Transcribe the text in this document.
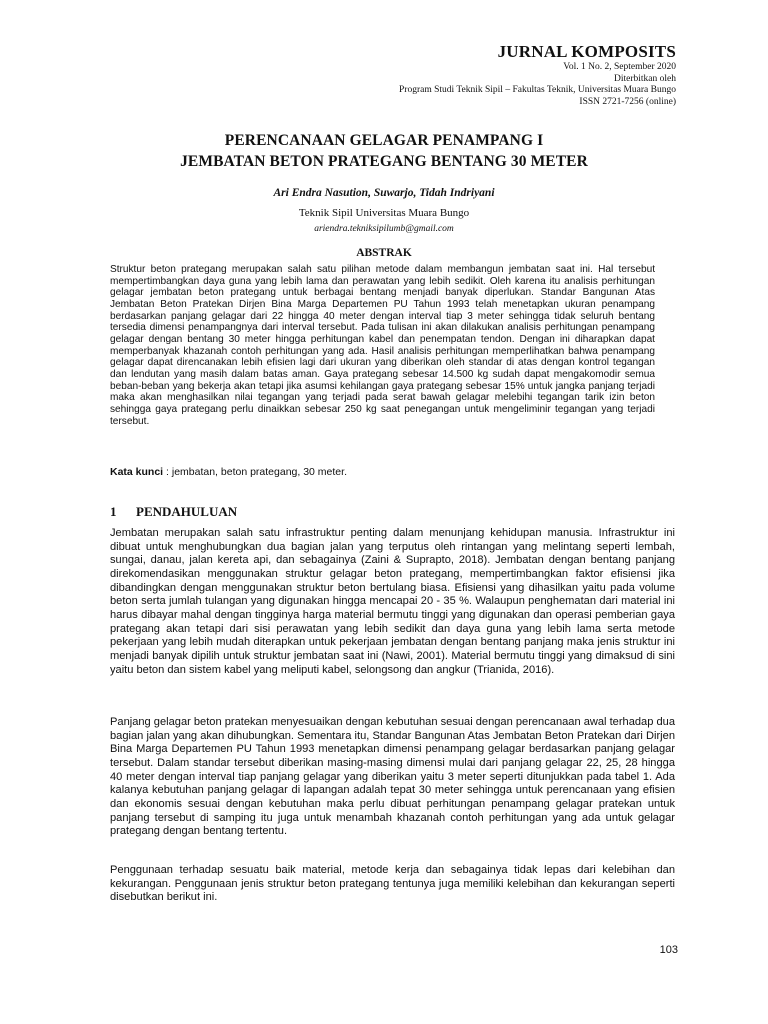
JURNAL KOMPOSITS
Vol. 1 No. 2, September 2020
Diterbitkan oleh
Program Studi Teknik Sipil – Fakultas Teknik, Universitas Muara Bungo
ISSN 2721-7256 (online)
PERENCANAAN GELAGAR PENAMPANG I
JEMBATAN BETON PRATEGANG BENTANG 30 METER
Ari Endra Nasution, Suwarjo, Tidah Indriyani
Teknik Sipil Universitas Muara Bungo
ariendra.tekniksipilumb@gmail.com
ABSTRAK

Struktur beton prategang merupakan salah satu pilihan metode dalam membangun jembatan saat ini. Hal tersebut mempertimbangkan daya guna yang lebih lama dan perawatan yang lebih sedikit. Oleh karena itu analisis perhitungan gelagar jembatan beton prategang untuk berbagai bentang menjadi banyak diperlukan. Standar Bangunan Atas Jembatan Beton Pratekan Dirjen Bina Marga Departemen PU Tahun 1993 telah menetapkan ukuran penampang berdasarkan panjang gelagar dari 22 hingga 40 meter dengan interval tiap 3 meter sehingga tidak seluruh bentang tersedia dimensi penampangnya dari interval tersebut. Pada tulisan ini akan dilakukan analisis perhitungan penampang gelagar dengan bentang 30 meter hingga perhitungan kabel dan penempatan tendon. Dengan ini diharapkan dapat memperbanyak khazanah contoh perhitungan yang ada. Hasil analisis perhitungan memperlihatkan bahwa penampang gelagar dapat direncanakan lebih efisien lagi dari ukuran yang diberikan oleh standar di atas dengan kontrol tegangan dan lendutan yang masih dalam batas aman. Gaya prategang sebesar 14.500 kg sudah dapat mengakomodir semua beban-beban yang bekerja akan tetapi jika asumsi kehilangan gaya prategang sebesar 15% untuk jangka panjang terjadi maka akan menghasilkan nilai tegangan yang terjadi pada serat bawah gelagar melebihi tegangan tarik izin beton sehingga gaya prategang perlu dinaikkan sebesar 250 kg saat penegangan untuk mengeliminir tegangan yang terjadi tersebut.

Kata kunci : jembatan, beton prategang, 30 meter.

1 PENDAHULUAN

Jembatan merupakan salah satu infrastruktur penting dalam menunjang kehidupan manusia. Infrastruktur ini dibuat untuk menghubungkan dua bagian jalan yang terputus oleh rintangan yang melintang seperti lembah, sungai, danau, jalan kereta api, dan sebagainya (Zaini & Suprapto, 2018). Jembatan dengan bentang panjang direkomendasikan menggunakan struktur gelagar beton prategang, mempertimbangkan faktor efisiensi jika dibandingkan dengan menggunakan struktur beton bertulang biasa. Efisiensi yang dihasilkan yaitu pada volume beton serta jumlah tulangan yang digunakan hingga mencapai 20 - 35 %. Walaupun penghematan dari material ini harus dibayar mahal dengan tingginya harga material bermutu tinggi yang digunakan dan operasi pemberian gaya prategang akan tetapi dari sisi perawatan yang lebih sedikit dan daya guna yang lebih lama serta metode pekerjaan yang lebih mudah diterapkan untuk pekerjaan jembatan dengan bentang panjang maka jenis struktur ini menjadi banyak dipilih untuk struktur jembatan saat ini (Nawi, 2001). Material bermutu tinggi yang dimaksud di sini yaitu beton dan sistem kabel yang meliputi kabel, selongsong dan angkur (Trianida, 2016).

Panjang gelagar beton pratekan menyesuaikan dengan kebutuhan sesuai dengan perencanaan awal terhadap dua bagian jalan yang akan dihubungkan. Sementara itu, Standar Bangunan Atas Jembatan Beton Pratekan dari Dirjen Bina Marga Departemen PU Tahun 1993 menetapkan dimensi penampang gelagar berdasarkan panjang gelagar tersebut. Dalam standar tersebut diberikan masing-masing dimensi mulai dari panjang gelagar 22, 25, 28 hingga 40 meter dengan interval tiap panjang gelagar yang diberikan yaitu 3 meter seperti ditunjukkan pada tabel 1. Ada kalanya kebutuhan panjang gelagar di lapangan adalah tepat 30 meter sehingga untuk perencanaan yang efisien dan ekonomis sesuai dengan kebutuhan maka perlu dibuat perhitungan penampang gelagar pratekan untuk panjang tersebut di samping itu juga untuk menambah khazanah contoh perhitungan yang ada untuk gelagar prategang dengan bentang tertentu.

Penggunaan terhadap sesuatu baik material, metode kerja dan sebagainya tidak lepas dari kelebihan dan kekurangan. Penggunaan jenis struktur beton prategang tentunya juga memiliki kelebihan dan kekurangan seperti disebutkan berikut ini.

103
